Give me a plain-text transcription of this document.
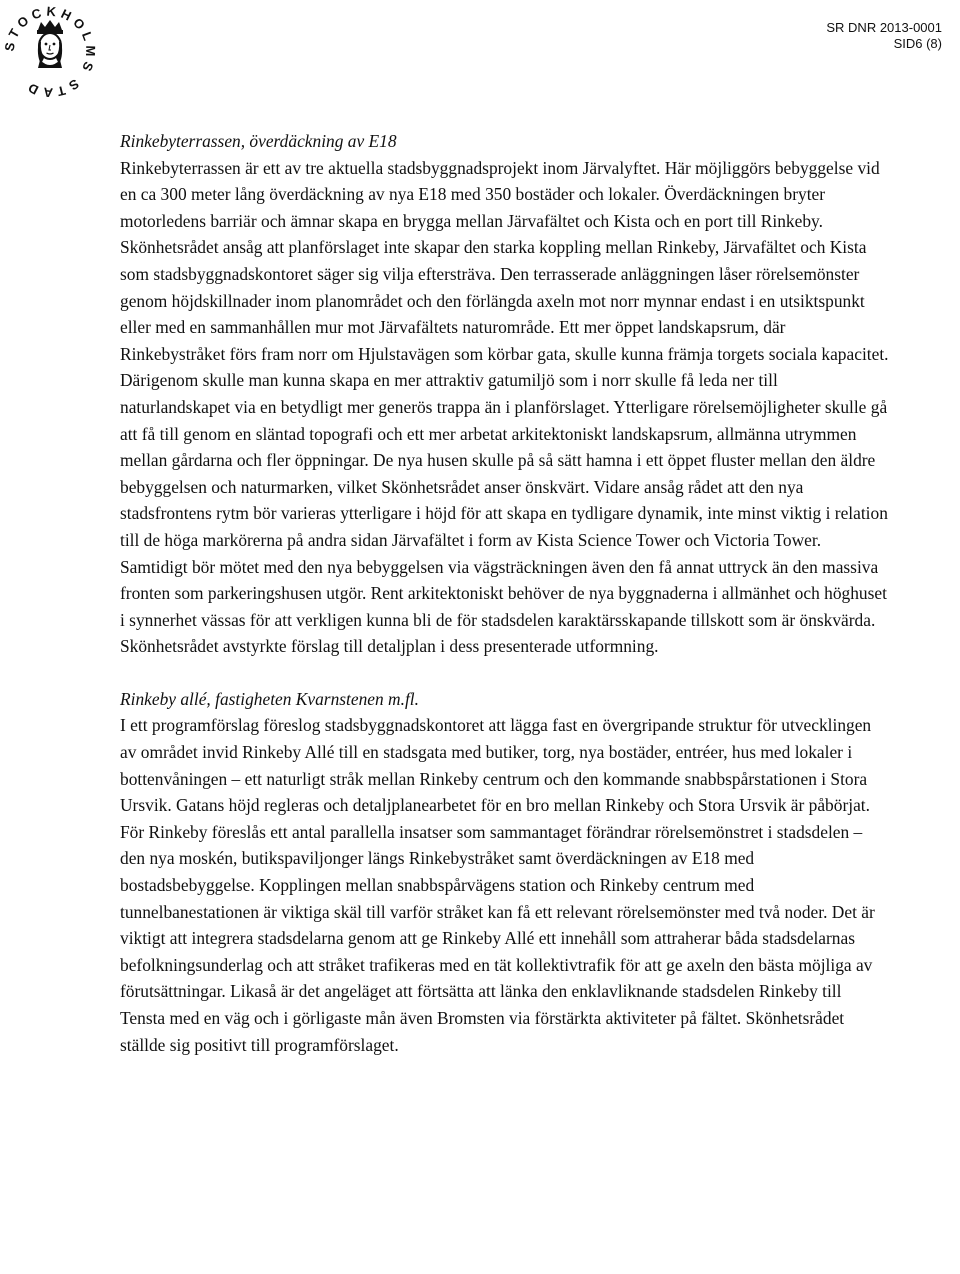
STOCKHOLMS STAD
SR DNR 2013-0001
SID6 (8)

Rinkebyterrassen, överdäckning av E18

Rinkebyterrassen är ett av tre aktuella stadsbyggnadsprojekt inom Järvalyftet. Här möjliggörs bebyggelse vid en ca 300 meter lång överdäckning av nya E18 med 350 bostäder och lokaler. Överdäckningen bryter motorledens barriär och ämnar skapa en brygga mellan Järvafältet och Kista och en port till Rinkeby. Skönhetsrådet ansåg att planförslaget inte skapar den starka koppling mellan Rinkeby, Järvafältet och Kista som stadsbyggnadskontoret säger sig vilja eftersträva. Den terrasserade anläggningen låser rörelsemönster genom höjdskillnader inom planområdet och den förlängda axeln mot norr mynnar endast i en utsiktspunkt eller med en sammanhållen mur mot Järvafältets naturområde. Ett mer öppet landskapsrum, där Rinkebystråket förs fram norr om Hjulstavägen som körbar gata, skulle kunna främja torgets sociala kapacitet. Därigenom skulle man kunna skapa en mer attraktiv gatumiljö som i norr skulle få leda ner till naturlandskapet via en betydligt mer generös trappa än i planförslaget. Ytterligare rörelsemöjligheter skulle gå att få till genom en släntad topografi och ett mer arbetat arkitektoniskt landskapsrum, allmänna utrymmen mellan gårdarna och fler öppningar. De nya husen skulle på så sätt hamna i ett öppet fluster mellan den äldre bebyggelsen och naturmarken, vilket Skönhetsrådet anser önskvärt. Vidare ansåg rådet att den nya stadsfrontens rytm bör varieras ytterligare i höjd för att skapa en tydligare dynamik, inte minst viktig i relation till de höga markörerna på andra sidan Järvafältet i form av Kista Science Tower och Victoria Tower. Samtidigt bör mötet med den nya bebyggelsen via vägsträckningen även den få annat uttryck än den massiva fronten som parkeringshusen utgör. Rent arkitektoniskt behöver de nya byggnaderna i allmänhet och höghuset i synnerhet vässas för att verkligen kunna bli de för stadsdelen karaktärsskapande tillskott som är önskvärda. Skönhetsrådet avstyrkte förslag till detaljplan i dess presenterade utformning.

Rinkeby allé, fastigheten Kvarnstenen m.fl.

I ett programförslag föreslog stadsbyggnadskontoret att lägga fast en övergripande struktur för utvecklingen av området invid Rinkeby Allé till en stadsgata med butiker, torg, nya bostäder, entréer, hus med lokaler i bottenvåningen – ett naturligt stråk mellan Rinkeby centrum och den kommande snabbspårstationen i Stora Ursvik. Gatans höjd regleras och detaljplanearbetet för en bro mellan Rinkeby och Stora Ursvik är påbörjat. För Rinkeby föreslås ett antal parallella insatser som sammantaget förändrar rörelsemönstret i stadsdelen – den nya moskén, butikspaviljonger längs Rinkebystråket samt överdäckningen av E18 med bostadsbebyggelse. Kopplingen mellan snabbspårvägens station och Rinkeby centrum med tunnelbanestationen är viktiga skäl till varför stråket kan få ett relevant rörelsemönster med två noder. Det är viktigt att integrera stadsdelarna genom att ge Rinkeby Allé ett innehåll som attraherar båda stadsdelarnas befolkningsunderlag och att stråket trafikeras med en tät kollektivtrafik för att ge axeln den bästa möjliga av förutsättningar. Likaså är det angeläget att förtsätta att länka den enklavliknande stadsdelen Rinkeby till Tensta med en väg och i görligaste mån även Bromsten via förstärkta aktiviteter på fältet. Skönhetsrådet ställde sig positivt till programförslaget.
